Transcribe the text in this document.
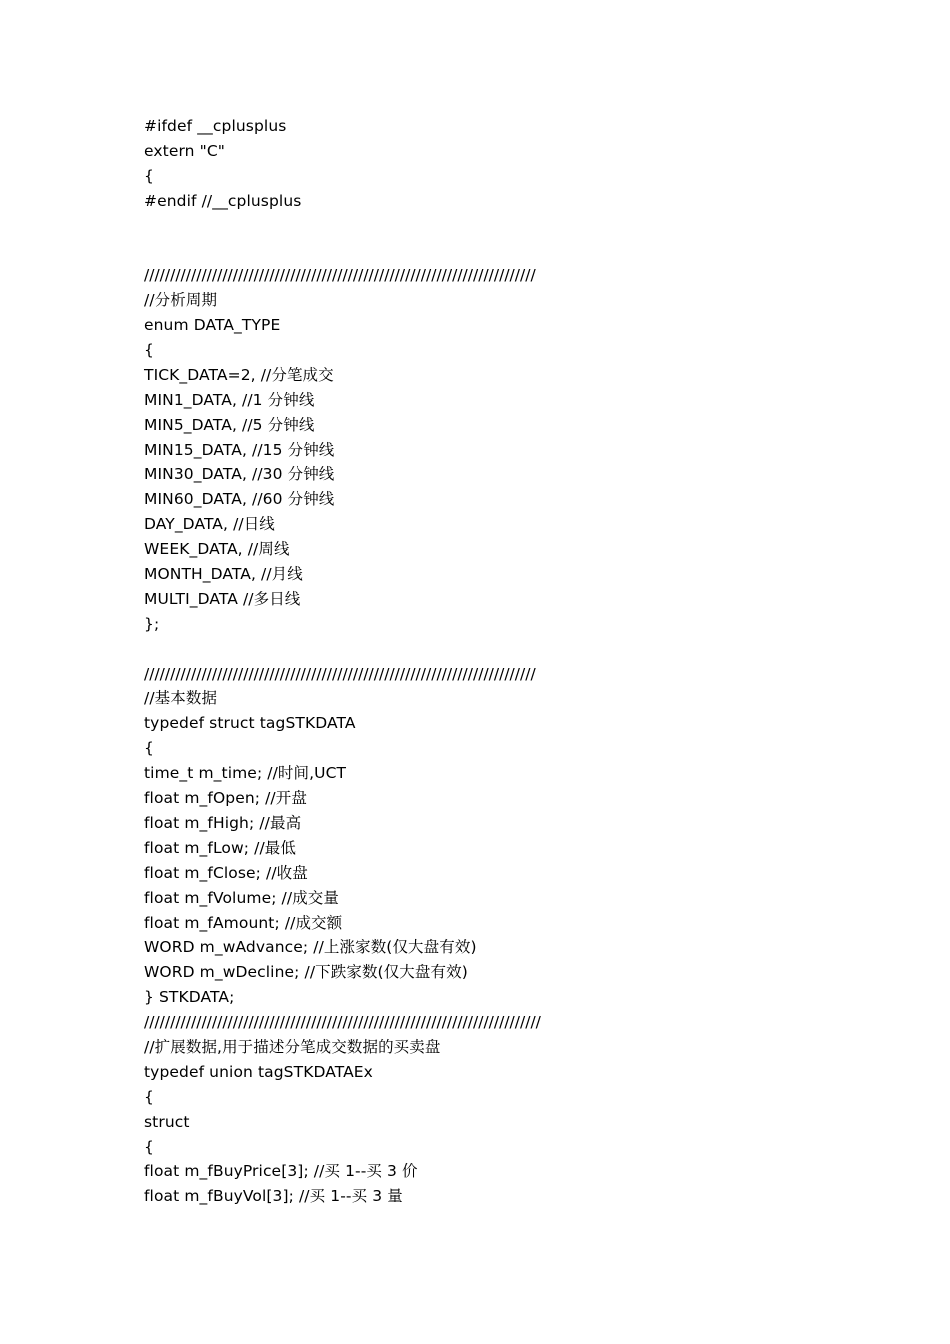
#ifdef __cplusplus
extern "C"
{
#endif //__cplusplus
///////////////////////////////////////////////////////////////////////////
//分析周期
enum DATA_TYPE
{
TICK_DATA=2, //分笔成交
MIN1_DATA, //1 分钟线
MIN5_DATA, //5 分钟线
MIN15_DATA, //15 分钟线
MIN30_DATA, //30 分钟线
MIN60_DATA, //60 分钟线
DAY_DATA, //日线
WEEK_DATA, //周线
MONTH_DATA, //月线
MULTI_DATA //多日线
};
///////////////////////////////////////////////////////////////////////////
//基本数据
typedef struct tagSTKDATA
{
time_t m_time; //时间,UCT
float m_fOpen; //开盘
float m_fHigh; //最高
float m_fLow; //最低
float m_fClose; //收盘
float m_fVolume; //成交量
float m_fAmount; //成交额
WORD m_wAdvance; //上涨家数(仅大盘有效)
WORD m_wDecline; //下跌家数(仅大盘有效)
} STKDATA;
////////////////////////////////////////////////////////////////////////////
//扩展数据,用于描述分笔成交数据的买卖盘
typedef union tagSTKDATAEx
{
struct
{
float m_fBuyPrice[3]; //买 1--买 3 价
float m_fBuyVol[3]; //买 1--买 3 量
